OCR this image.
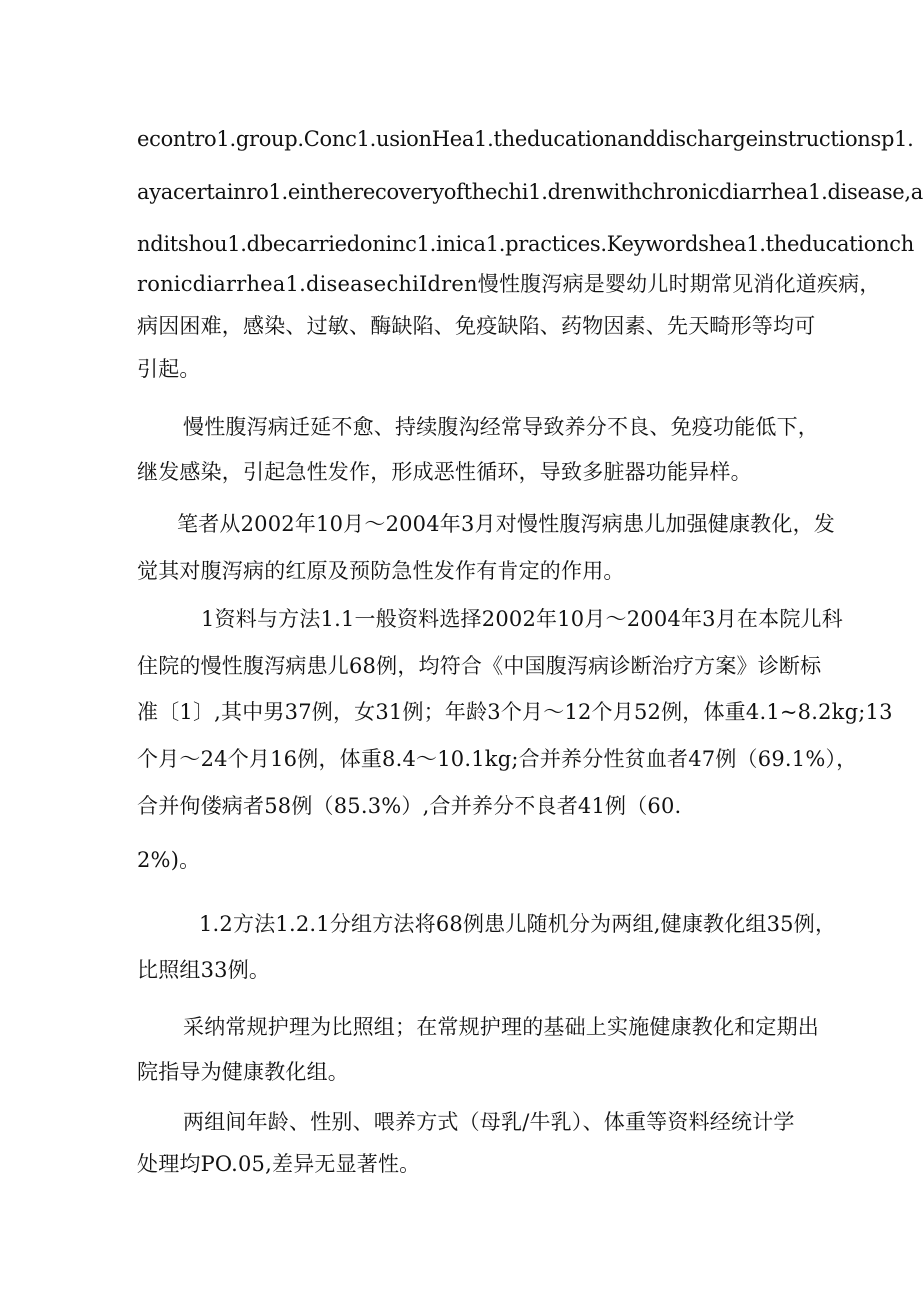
econtro1.group.Conc1.usionHea1.theducationanddischargeinstructionsp1.
ayacertainro1.eintherecoveryofthechi1.drenwithchronicdiarrhea1.disease,a
nditshou1.dbecarriedoninc1.inica1.practices.Keywordshea1.theducationch
ronicdiarrhea1.diseasechiIdren慢性腹泻病是婴幼儿时期常见消化道疾病，
病因困难，感染、过敏、酶缺陷、免疫缺陷、药物因素、先天畸形等均可
引起。
慢性腹泻病迁延不愈、持续腹沟经常导致养分不良、免疫功能低下，
继发感染，引起急性发作，形成恶性循环，导致多脏器功能异样。
笔者从2002年10月～2004年3月对慢性腹泻病患儿加强健康教化，发
觉其对腹泻病的红原及预防急性发作有肯定的作用。
1资料与方法1.1一般资料选择2002年10月～2004年3月在本院儿科
住院的慢性腹泻病患儿68例，均符合《中国腹泻病诊断治疗方案》诊断标
准〔1〕,其中男37例，女31例；年龄3个月～12个月52例，体重4.1~8.2kg;13
个月～24个月16例，体重8.4～10.1kg;合并养分性贫血者47例（69.1%），
合并佝偻病者58例（85.3%）,合并养分不良者41例（60.
2%)。
1.2方法1.2.1分组方法将68例患儿随机分为两组,健康教化组35例，
比照组33例。
采纳常规护理为比照组；在常规护理的基础上实施健康教化和定期出
院指导为健康教化组。
两组间年龄、性别、喂养方式（母乳/牛乳）、体重等资料经统计学
处理均PO.05,差异无显著性。
